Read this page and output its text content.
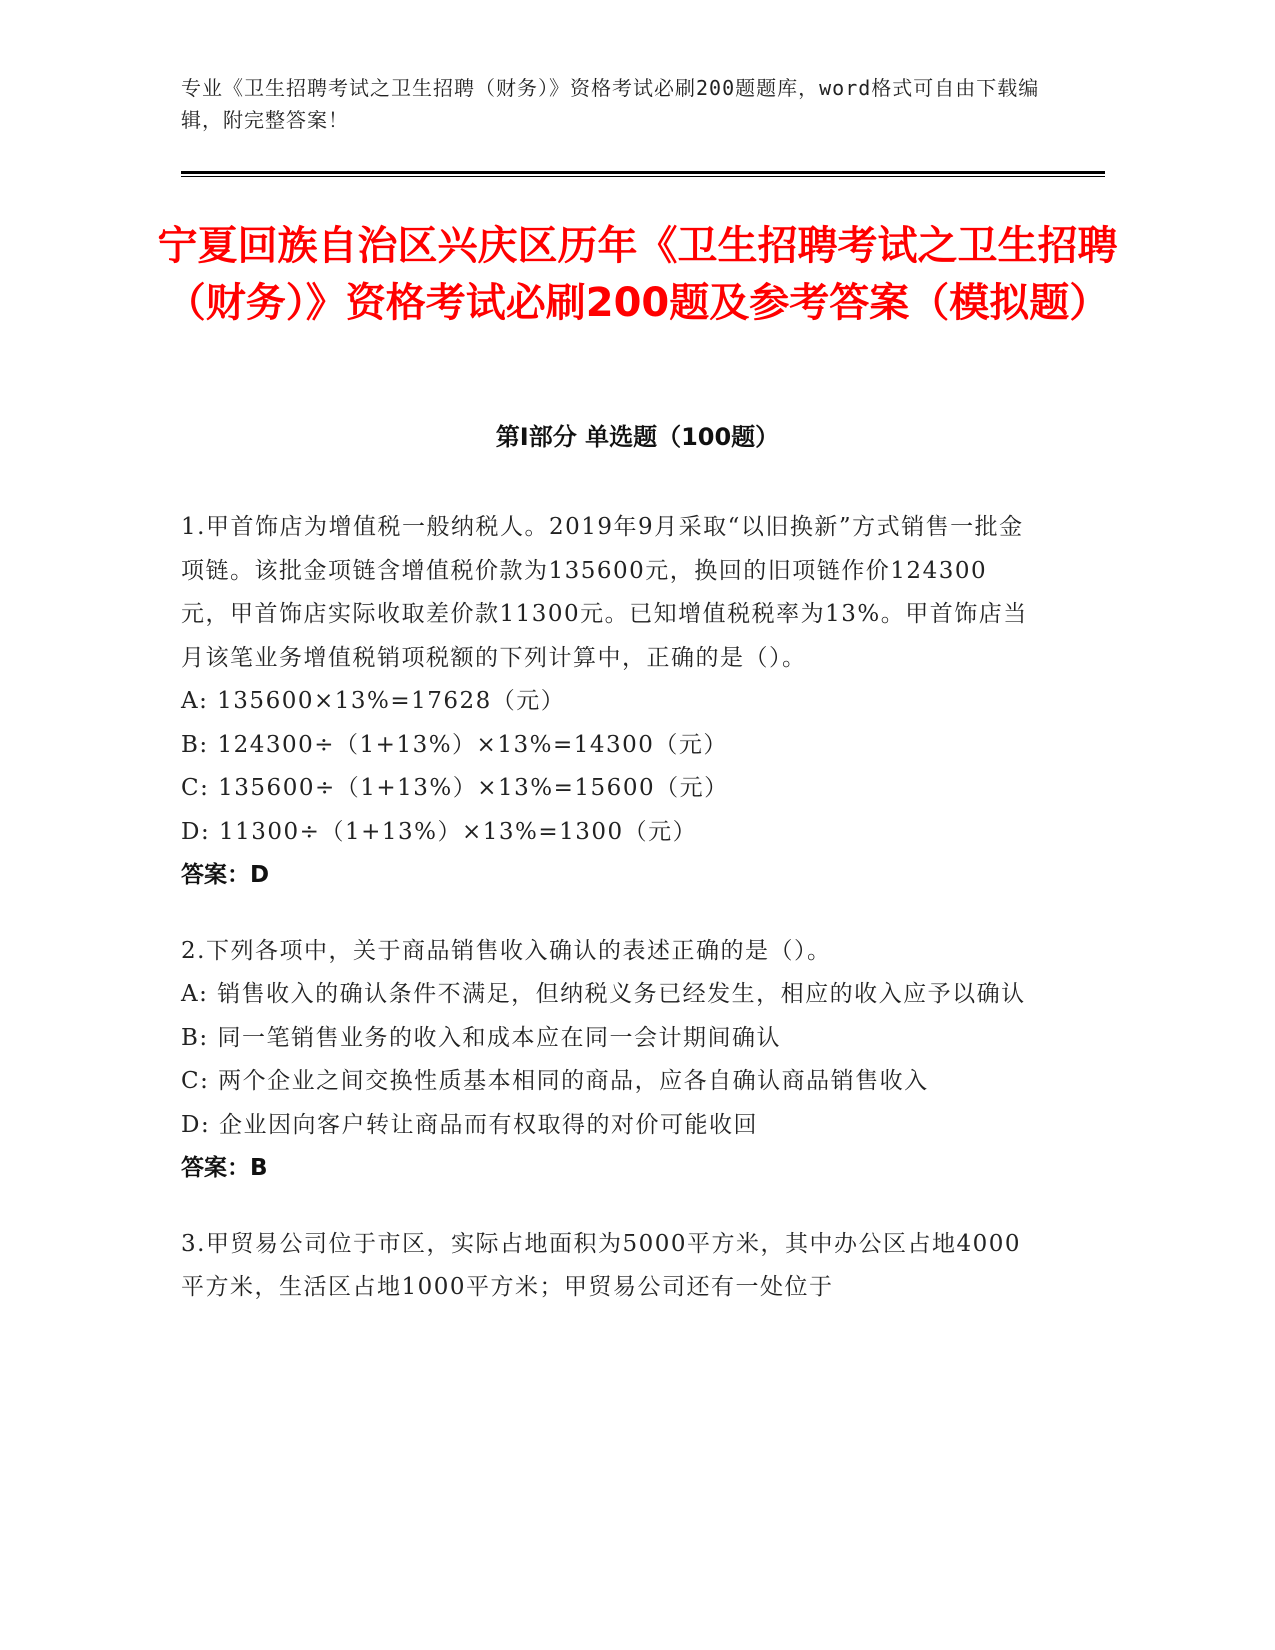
专业《卫生招聘考试之卫生招聘（财务）》资格考试必刷200题题库，word格式可自由下载编辑，附完整答案！
宁夏回族自治区兴庆区历年《卫生招聘考试之卫生招聘（财务）》资格考试必刷200题及参考答案（模拟题）
第Ⅰ部分 单选题（100题）
1.甲首饰店为增值税一般纳税人。2019年9月采取“以旧换新”方式销售一批金项链。该批金项链含增值税价款为135600元，换回的旧项链作价124300元，甲首饰店实际收取差价款11300元。已知增值税税率为13%。甲首饰店当月该笔业务增值税销项税额的下列计算中，正确的是（）。
A: 135600×13%=17628（元）
B: 124300÷（1+13%）×13%=14300（元）
C: 135600÷（1+13%）×13%=15600（元）
D: 11300÷（1+13%）×13%=1300（元）
答案：D
2.下列各项中，关于商品销售收入确认的表述正确的是（）。
A: 销售收入的确认条件不满足，但纳税义务已经发生，相应的收入应予以确认
B: 同一笔销售业务的收入和成本应在同一会计期间确认
C: 两个企业之间交换性质基本相同的商品，应各自确认商品销售收入
D: 企业因向客户转让商品而有权取得的对价可能收回
答案：B
3.甲贸易公司位于市区，实际占地面积为5000平方米，其中办公区占地4000平方米，生活区占地1000平方米；甲贸易公司还有一处位于
